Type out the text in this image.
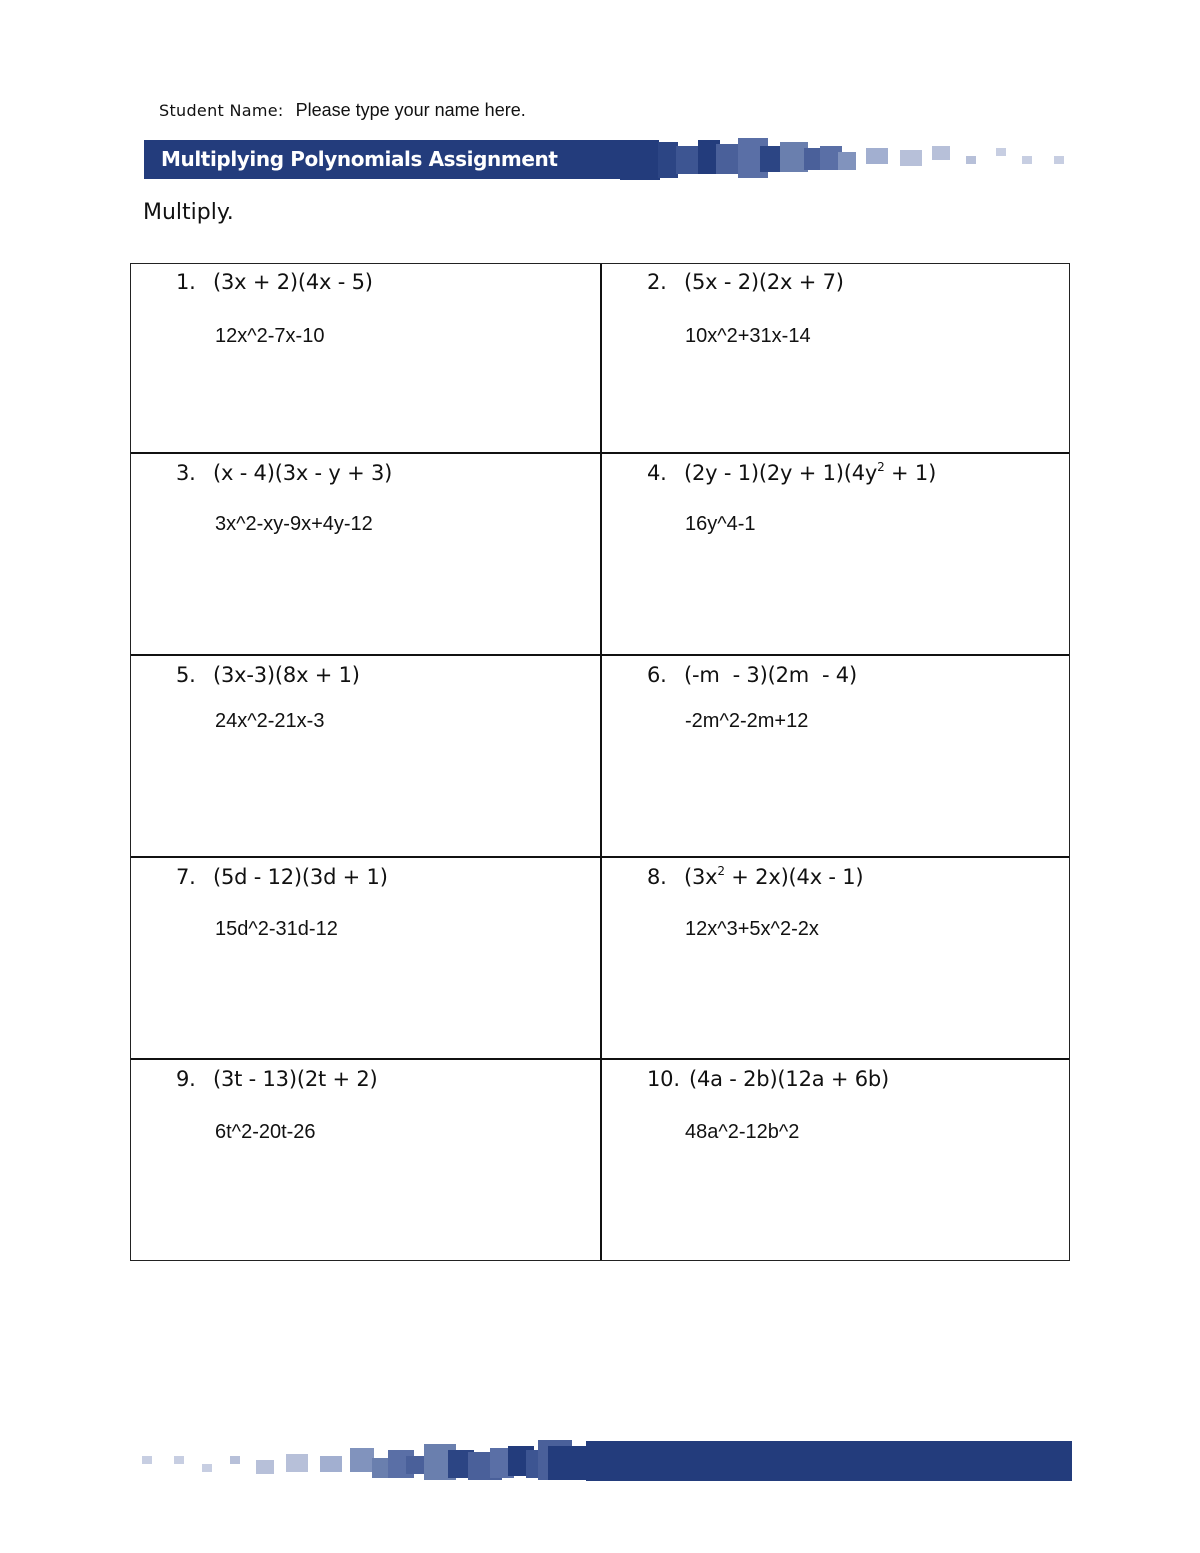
Student Name: Please type your name here.
Multiplying Polynomials Assignment
Multiply.
1. (3x + 2)(4x - 5)
12x^2-7x-10
2. (5x - 2)(2x + 7)
10x^2+31x-14
3. (x - 4)(3x - y + 3)
3x^2-xy-9x+4y-12
4. $(2y - 1)(2y + 1)(4y^2 + 1)$
16y^4-1
5. (3x-3)(8x + 1)
24x^2-21x-3
6. (-m  - 3)(2m  - 4)
-2m^2-2m+12
7. (5d - 12)(3d + 1)
15d^2-31d-12
8. $(3x^2 + 2x)(4x - 1)$
12x^3+5x^2-2x
9. (3t - 13)(2t + 2)
6t^2-20t-26
10. (4a - 2b)(12a + 6b)
48a^2-12b^2
